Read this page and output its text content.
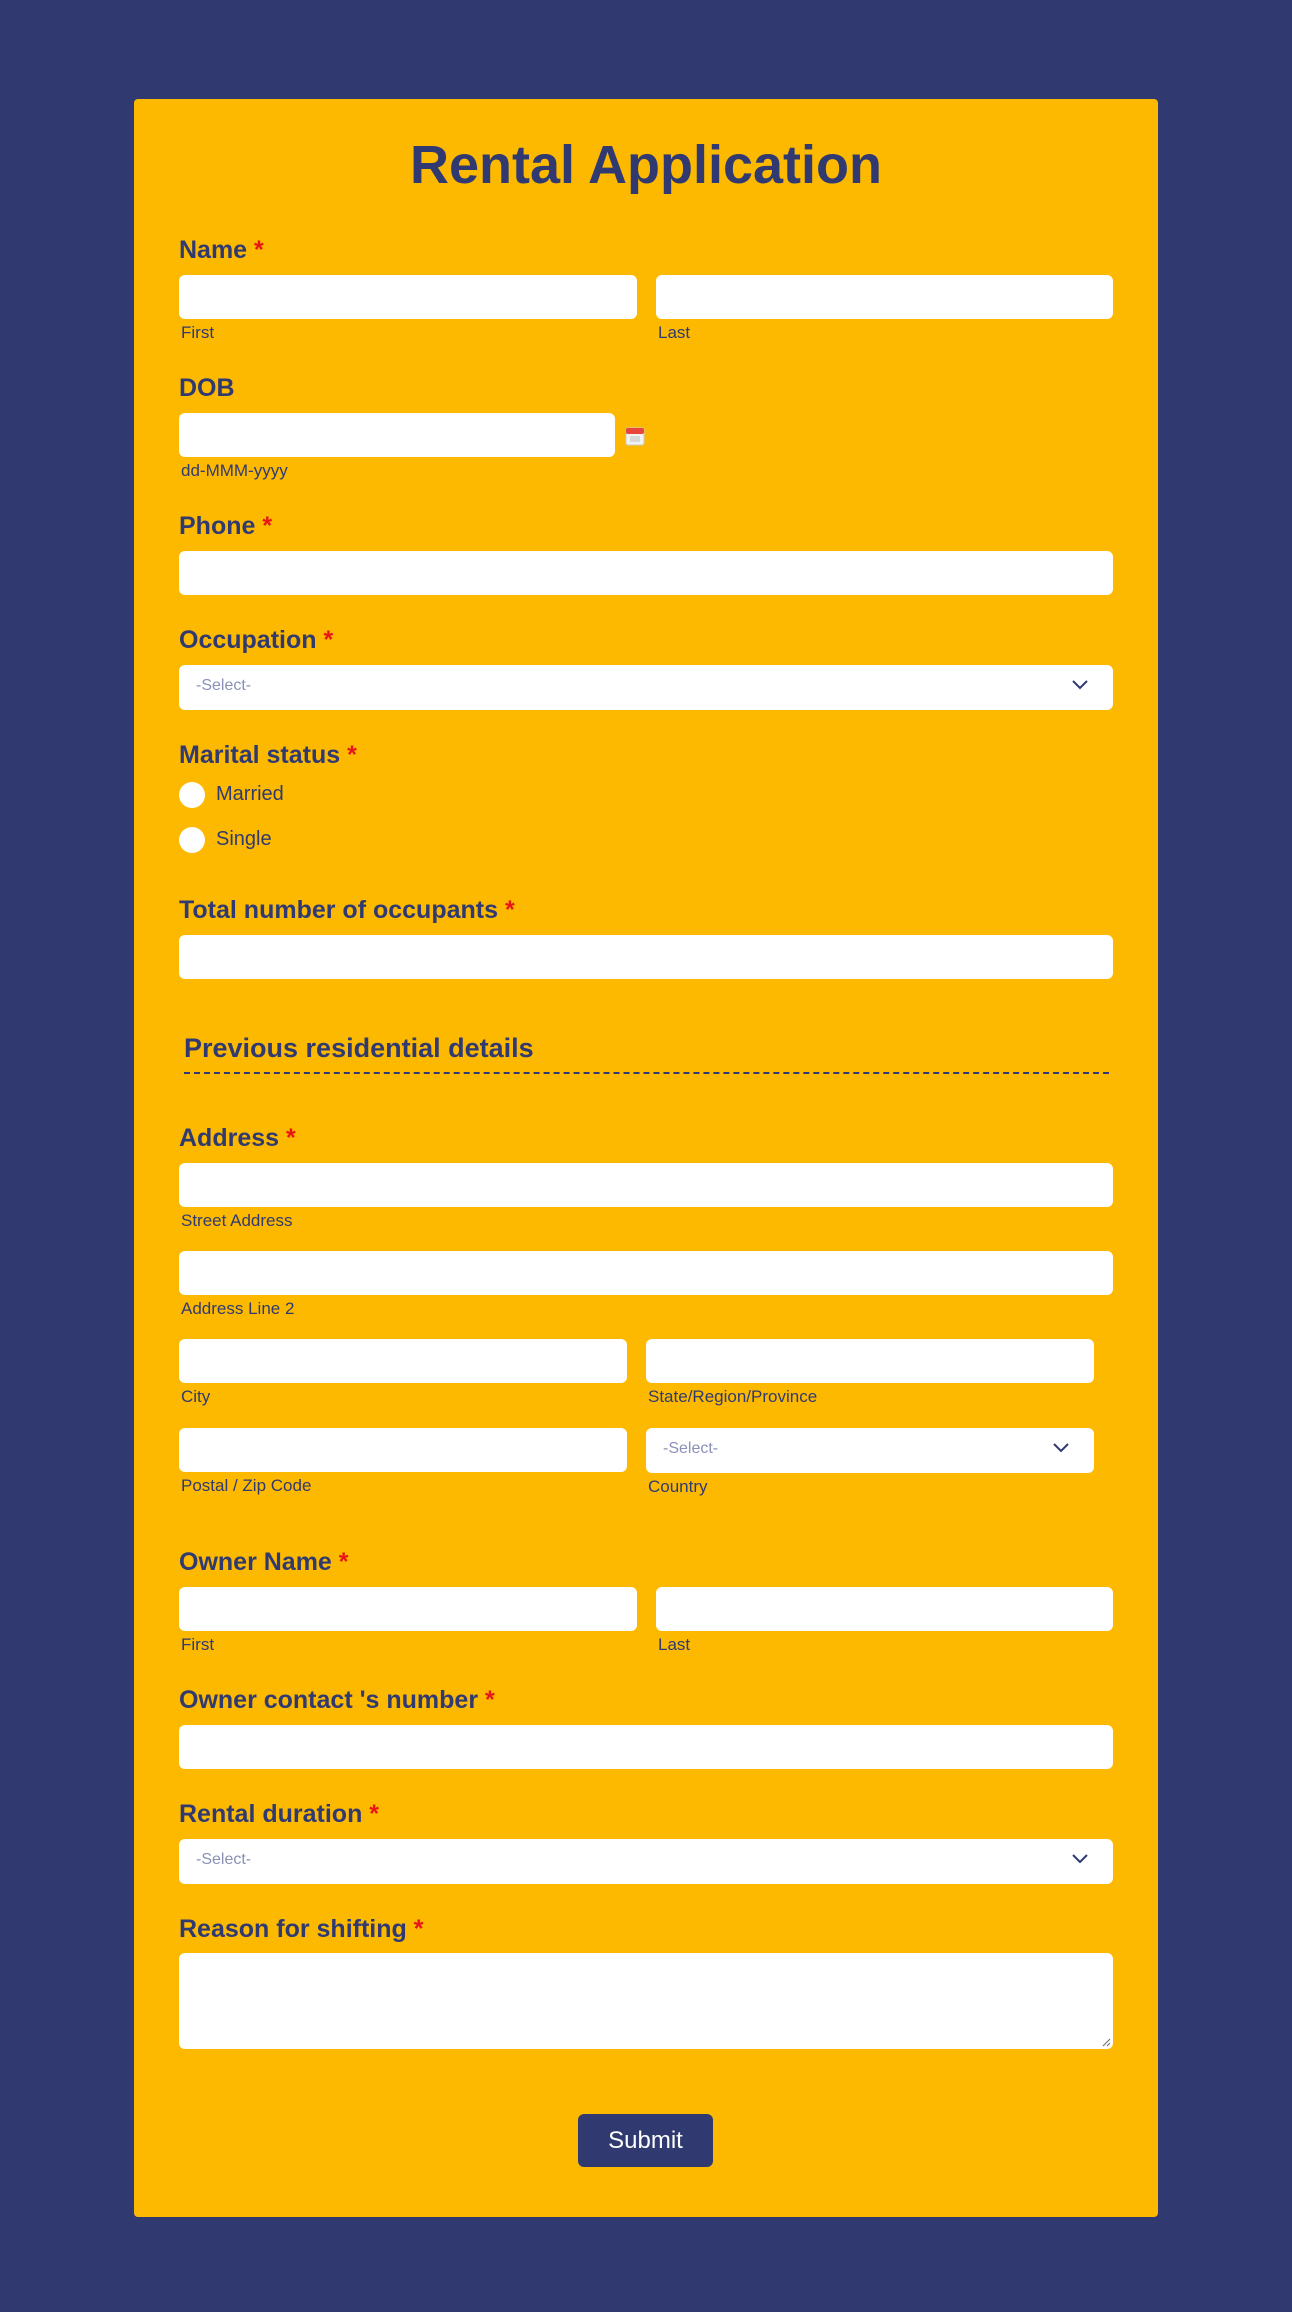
Rental Application
Name *
First	Last
DOB
dd-MMM-yyyy
Phone *
Occupation *
-Select-
Marital status *
Married
Single
Total number of occupants *
Previous residential details
Address *
Street Address
Address Line 2
City	State/Region/Province
-Select-
Postal / Zip Code	Country
Owner Name *
First	Last
Owner contact 's number *
Rental duration *
-Select-
Reason for shifting *
Submit
